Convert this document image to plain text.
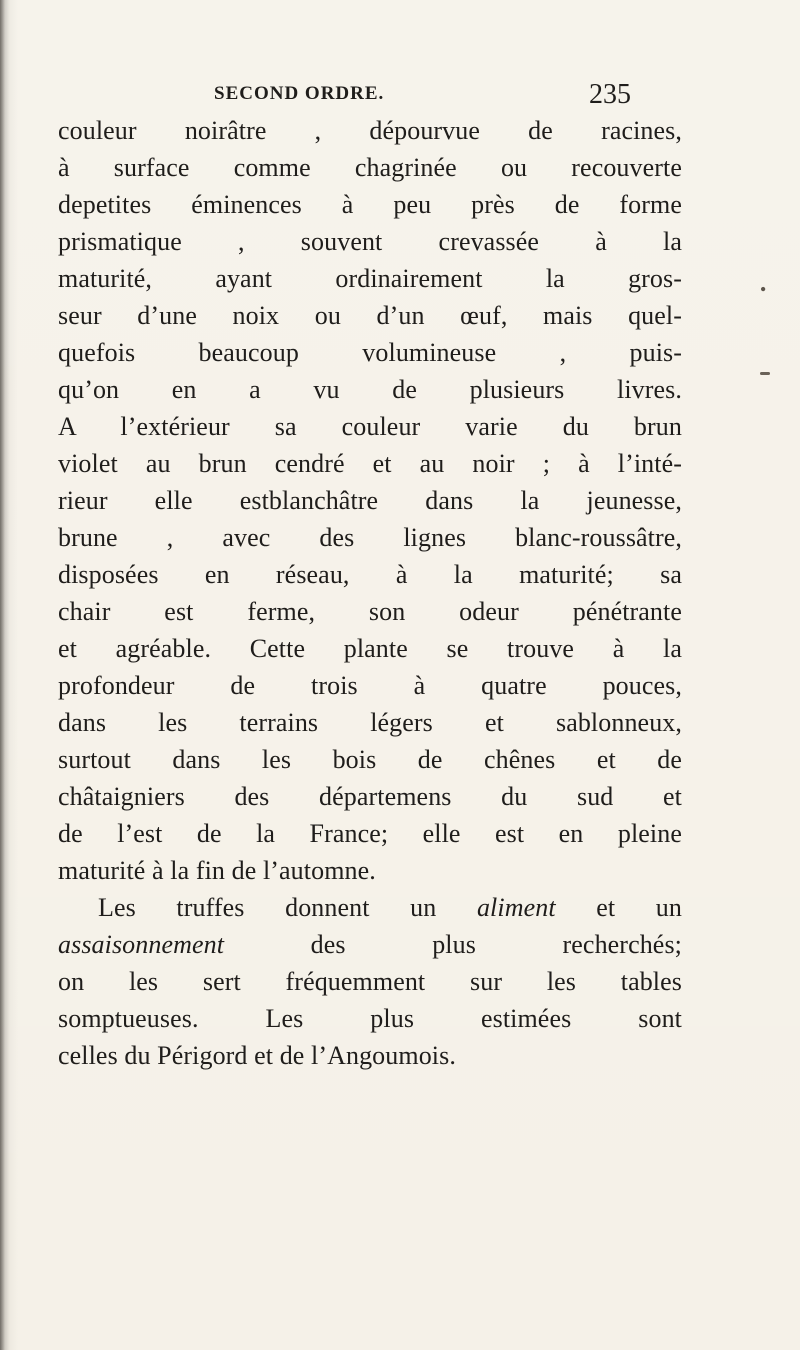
•
SECOND ORDRE.	235
couleur noirâtre , dépourvue de racines,
à surface comme chagrinée ou recouverte
depetites éminences à peu près de forme
prismatique , souvent crevassée à la
maturité, ayant ordinairement la gros-
seur d’une noix ou d’un œuf, mais quel-
quefois beaucoup volumineuse , puis-
qu’on en a vu de plusieurs livres.
A l’extérieur sa couleur varie du brun
violet au brun cendré et au noir ; à l’inté-
rieur elle estblanchâtre dans la jeunesse,
brune , avec des lignes blanc-roussâtre,
disposées en réseau, à la maturité; sa
chair est ferme, son odeur pénétrante
et agréable. Cette plante se trouve à la
profondeur de trois à quatre pouces,
dans les terrains légers et sablonneux,
surtout dans les bois de chênes et de
châtaigniers des départemens du sud et
de l’est de la France; elle est en pleine
maturité à la fin de l’automne.
Les truffes donnent un aliment et un
assaisonnement des plus recherchés;
on les sert fréquemment sur les tables
somptueuses. Les plus estimées sont
celles du Périgord et de l’Angoumois.
